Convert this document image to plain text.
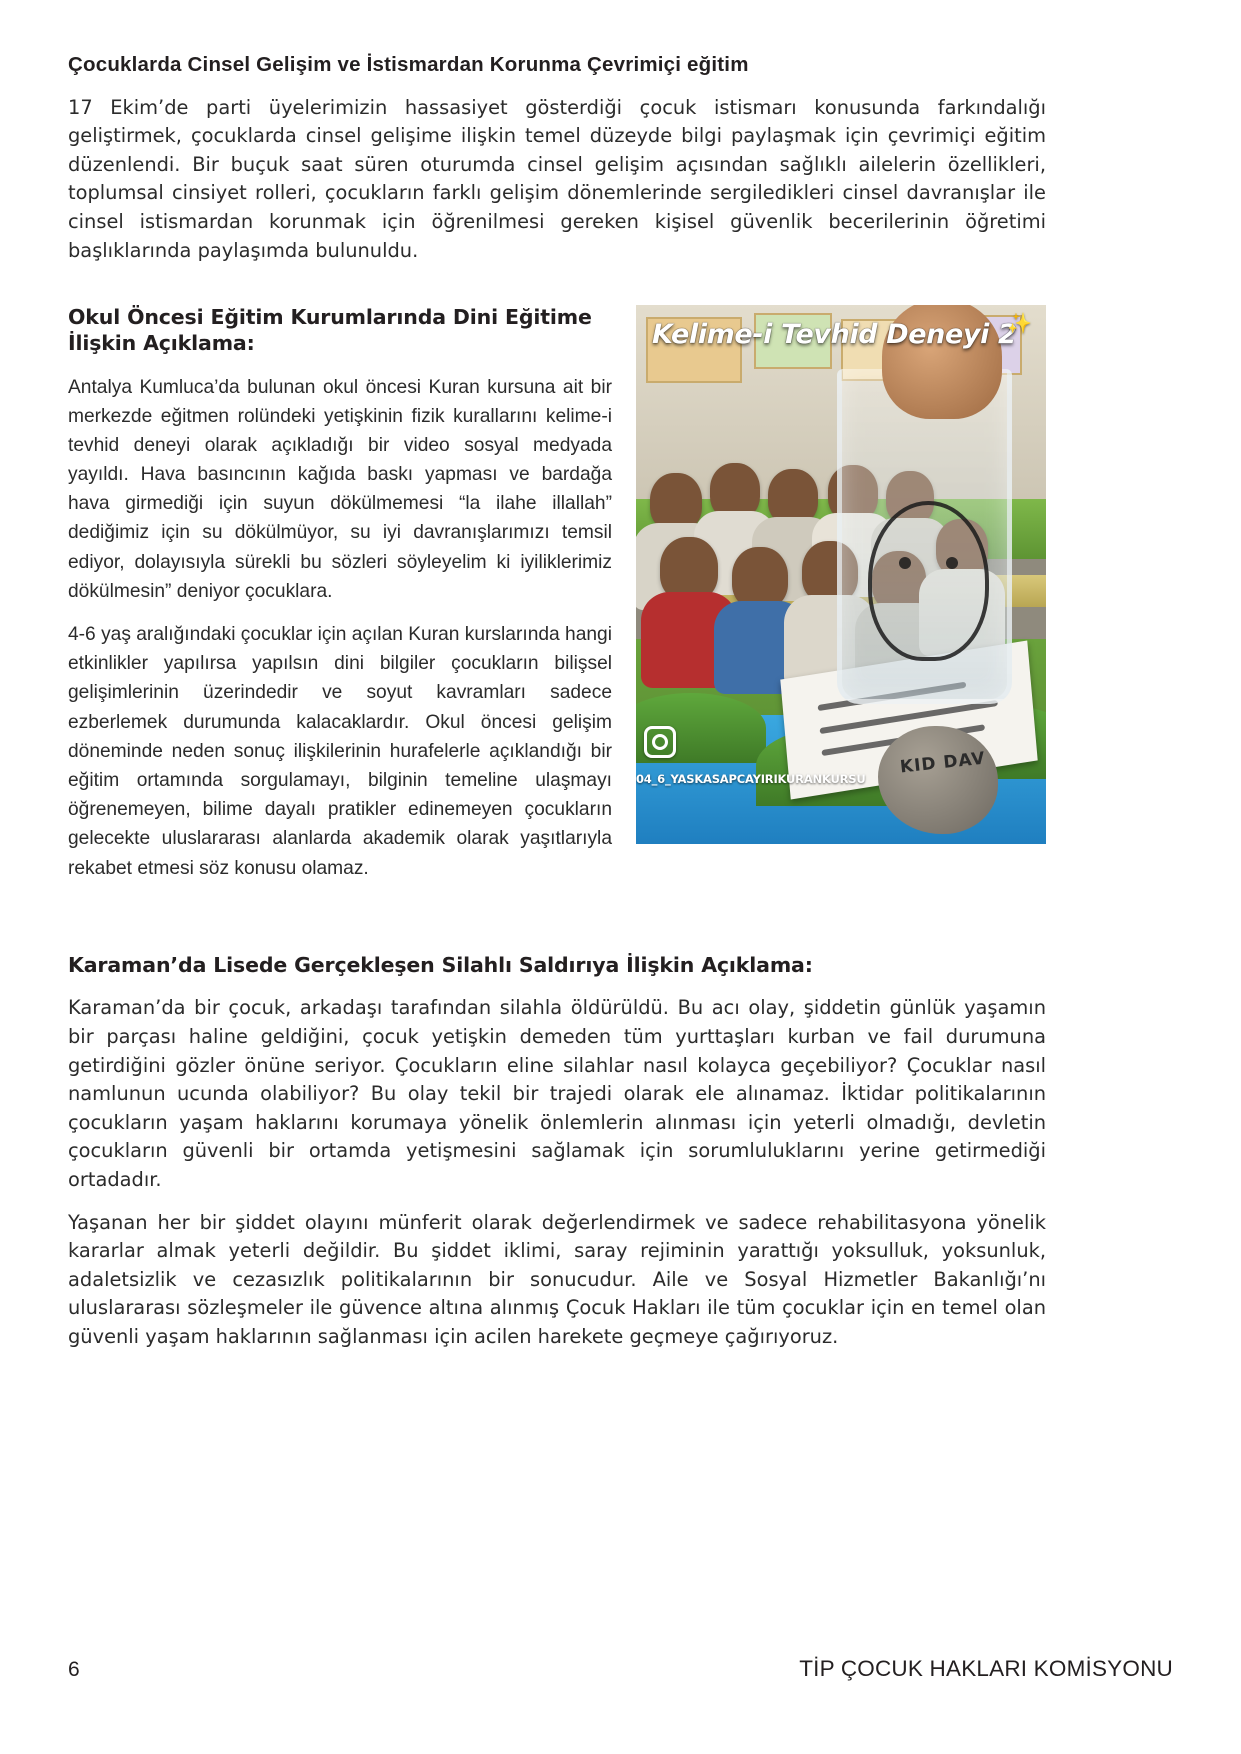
Çocuklarda Cinsel Gelişim ve İstismardan Korunma Çevrimiçi eğitim

17 Ekim’de parti üyelerimizin hassasiyet gösterdiği çocuk istismarı konusunda farkındalığı geliştirmek, çocuklarda cinsel gelişime ilişkin temel düzeyde bilgi paylaşmak için çevrimiçi eğitim düzenlendi. Bir buçuk saat süren oturumda cinsel gelişim açısından sağlıklı ailelerin özellikleri, toplumsal cinsiyet rolleri, çocukların farklı gelişim dönemlerinde sergiledikleri cinsel davranışlar ile cinsel istismardan korunmak için öğrenilmesi gereken kişisel güvenlik becerilerinin öğretimi başlıklarında paylaşımda bulunuldu.

KID DAV
Kelime-i Tevhid Deneyi 2
✨
04_6_YASKASAPCAYIRIKURANKURSU
Okul Öncesi Eğitim Kurumlarında Dini Eğitime İlişkin Açıklama:

Antalya Kumluca’da bulunan okul öncesi Kuran kursuna ait bir merkezde eğitmen rolündeki yetişkinin fizik kurallarını kelime-i tevhid deneyi olarak açıkladığı bir video sosyal medyada yayıldı. Hava basıncının kağıda baskı yapması ve bardağa hava girmediği için suyun dökülmemesi “la ilahe illallah” dediğimiz için su dökülmüyor, su iyi davranışlarımızı temsil ediyor, dolayısıyla sürekli bu sözleri söyleyelim ki iyiliklerimiz dökülmesin” deniyor çocuklara.

4-6 yaş aralığındaki çocuklar için açılan Kuran kurslarında hangi etkinlikler yapılırsa yapılsın dini bilgiler çocukların bilişsel gelişimlerinin üzerindedir ve soyut kavramları sadece ezberlemek durumunda kalacaklardır. Okul öncesi gelişim döneminde neden sonuç ilişkilerinin hurafelerle açıklandığı bir eğitim ortamında sorgulamayı, bilginin temeline ulaşmayı öğrenemeyen, bilime dayalı pratikler edinemeyen çocukların gelecekte uluslararası alanlarda akademik olarak yaşıtlarıyla rekabet etmesi söz konusu olamaz.

Karaman’da Lisede Gerçekleşen Silahlı Saldırıya İlişkin Açıklama:

Karaman’da bir çocuk, arkadaşı tarafından silahla öldürüldü. Bu acı olay, şiddetin günlük yaşamın bir parçası haline geldiğini, çocuk yetişkin demeden tüm yurttaşları kurban ve fail durumuna getirdiğini gözler önüne seriyor. Çocukların eline silahlar nasıl kolayca geçebiliyor? Çocuklar nasıl namlunun ucunda olabiliyor? Bu olay tekil bir trajedi olarak ele alınamaz. İktidar politikalarının çocukların yaşam haklarını korumaya yönelik önlemlerin alınması için yeterli olmadığı, devletin çocukların güvenli bir ortamda yetişmesini sağlamak için sorumluluklarını yerine getirmediği ortadadır.

Yaşanan her bir şiddet olayını münferit olarak değerlendirmek ve sadece rehabilitasyona yönelik kararlar almak yeterli değildir. Bu şiddet iklimi, saray rejiminin yarattığı yoksulluk, yoksunluk, adaletsizlik ve cezasızlık politikalarının bir sonucudur. Aile ve Sosyal Hizmetler Bakanlığı’nı uluslararası sözleşmeler ile güvence altına alınmış Çocuk Hakları ile tüm çocuklar için en temel olan güvenli yaşam haklarının sağlanması için acilen harekete geçmeye çağırıyoruz.

6	TİP ÇOCUK HAKLARI KOMİSYONU
